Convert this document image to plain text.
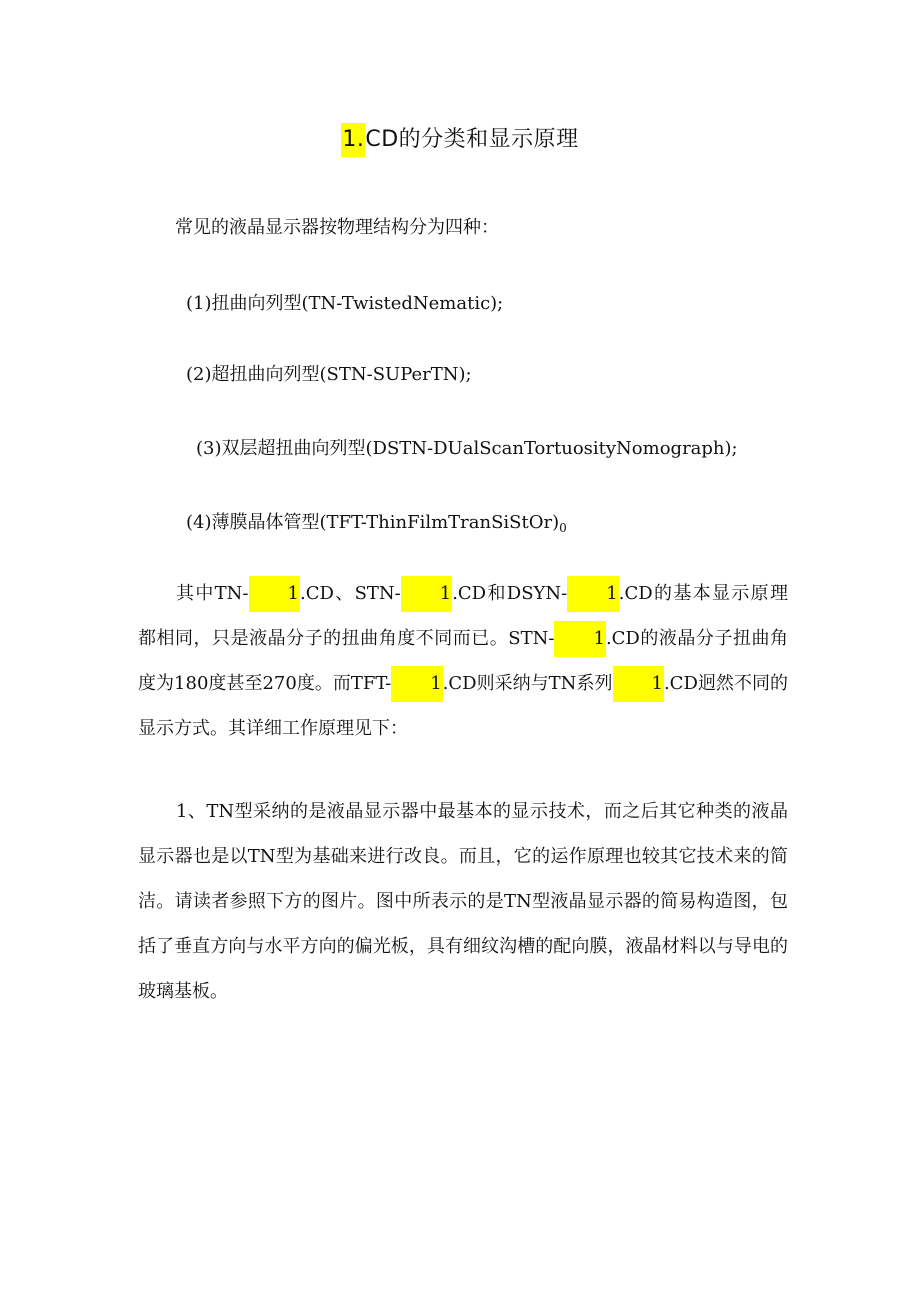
1.CD的分类和显示原理
常见的液晶显示器按物理结构分为四种：
(1)扭曲向列型(TN-TwistedNematic);
(2)超扭曲向列型(STN-SUPerTN);
(3)双层超扭曲向列型(DSTN-DUalScanTortuosityNomograph);
(4)薄膜晶体管型$(TFT-ThinFilmTranSiStOr)_0$
其中TN- 1.CD、STN- 1.CD和DSYN- 1.CD的基本显示原理都相同，只是液晶分子的扭曲角度不同而已。STN- 1.CD的液晶分子扭曲角度为180度甚至270度。而TFT- 1.CD则采纳与TN系列 1.CD迥然不同的显示方式。其详细工作原理见下：
1、TN型采纳的是液晶显示器中最基本的显示技术，而之后其它种类的液晶显示器也是以TN型为基础来进行改良。而且，它的运作原理也较其它技术来的简洁。请读者参照下方的图片。图中所表示的是TN型液晶显示器的简易构造图，包括了垂直方向与水平方向的偏光板，具有细纹沟槽的配向膜，液晶材料以与导电的玻璃基板。
